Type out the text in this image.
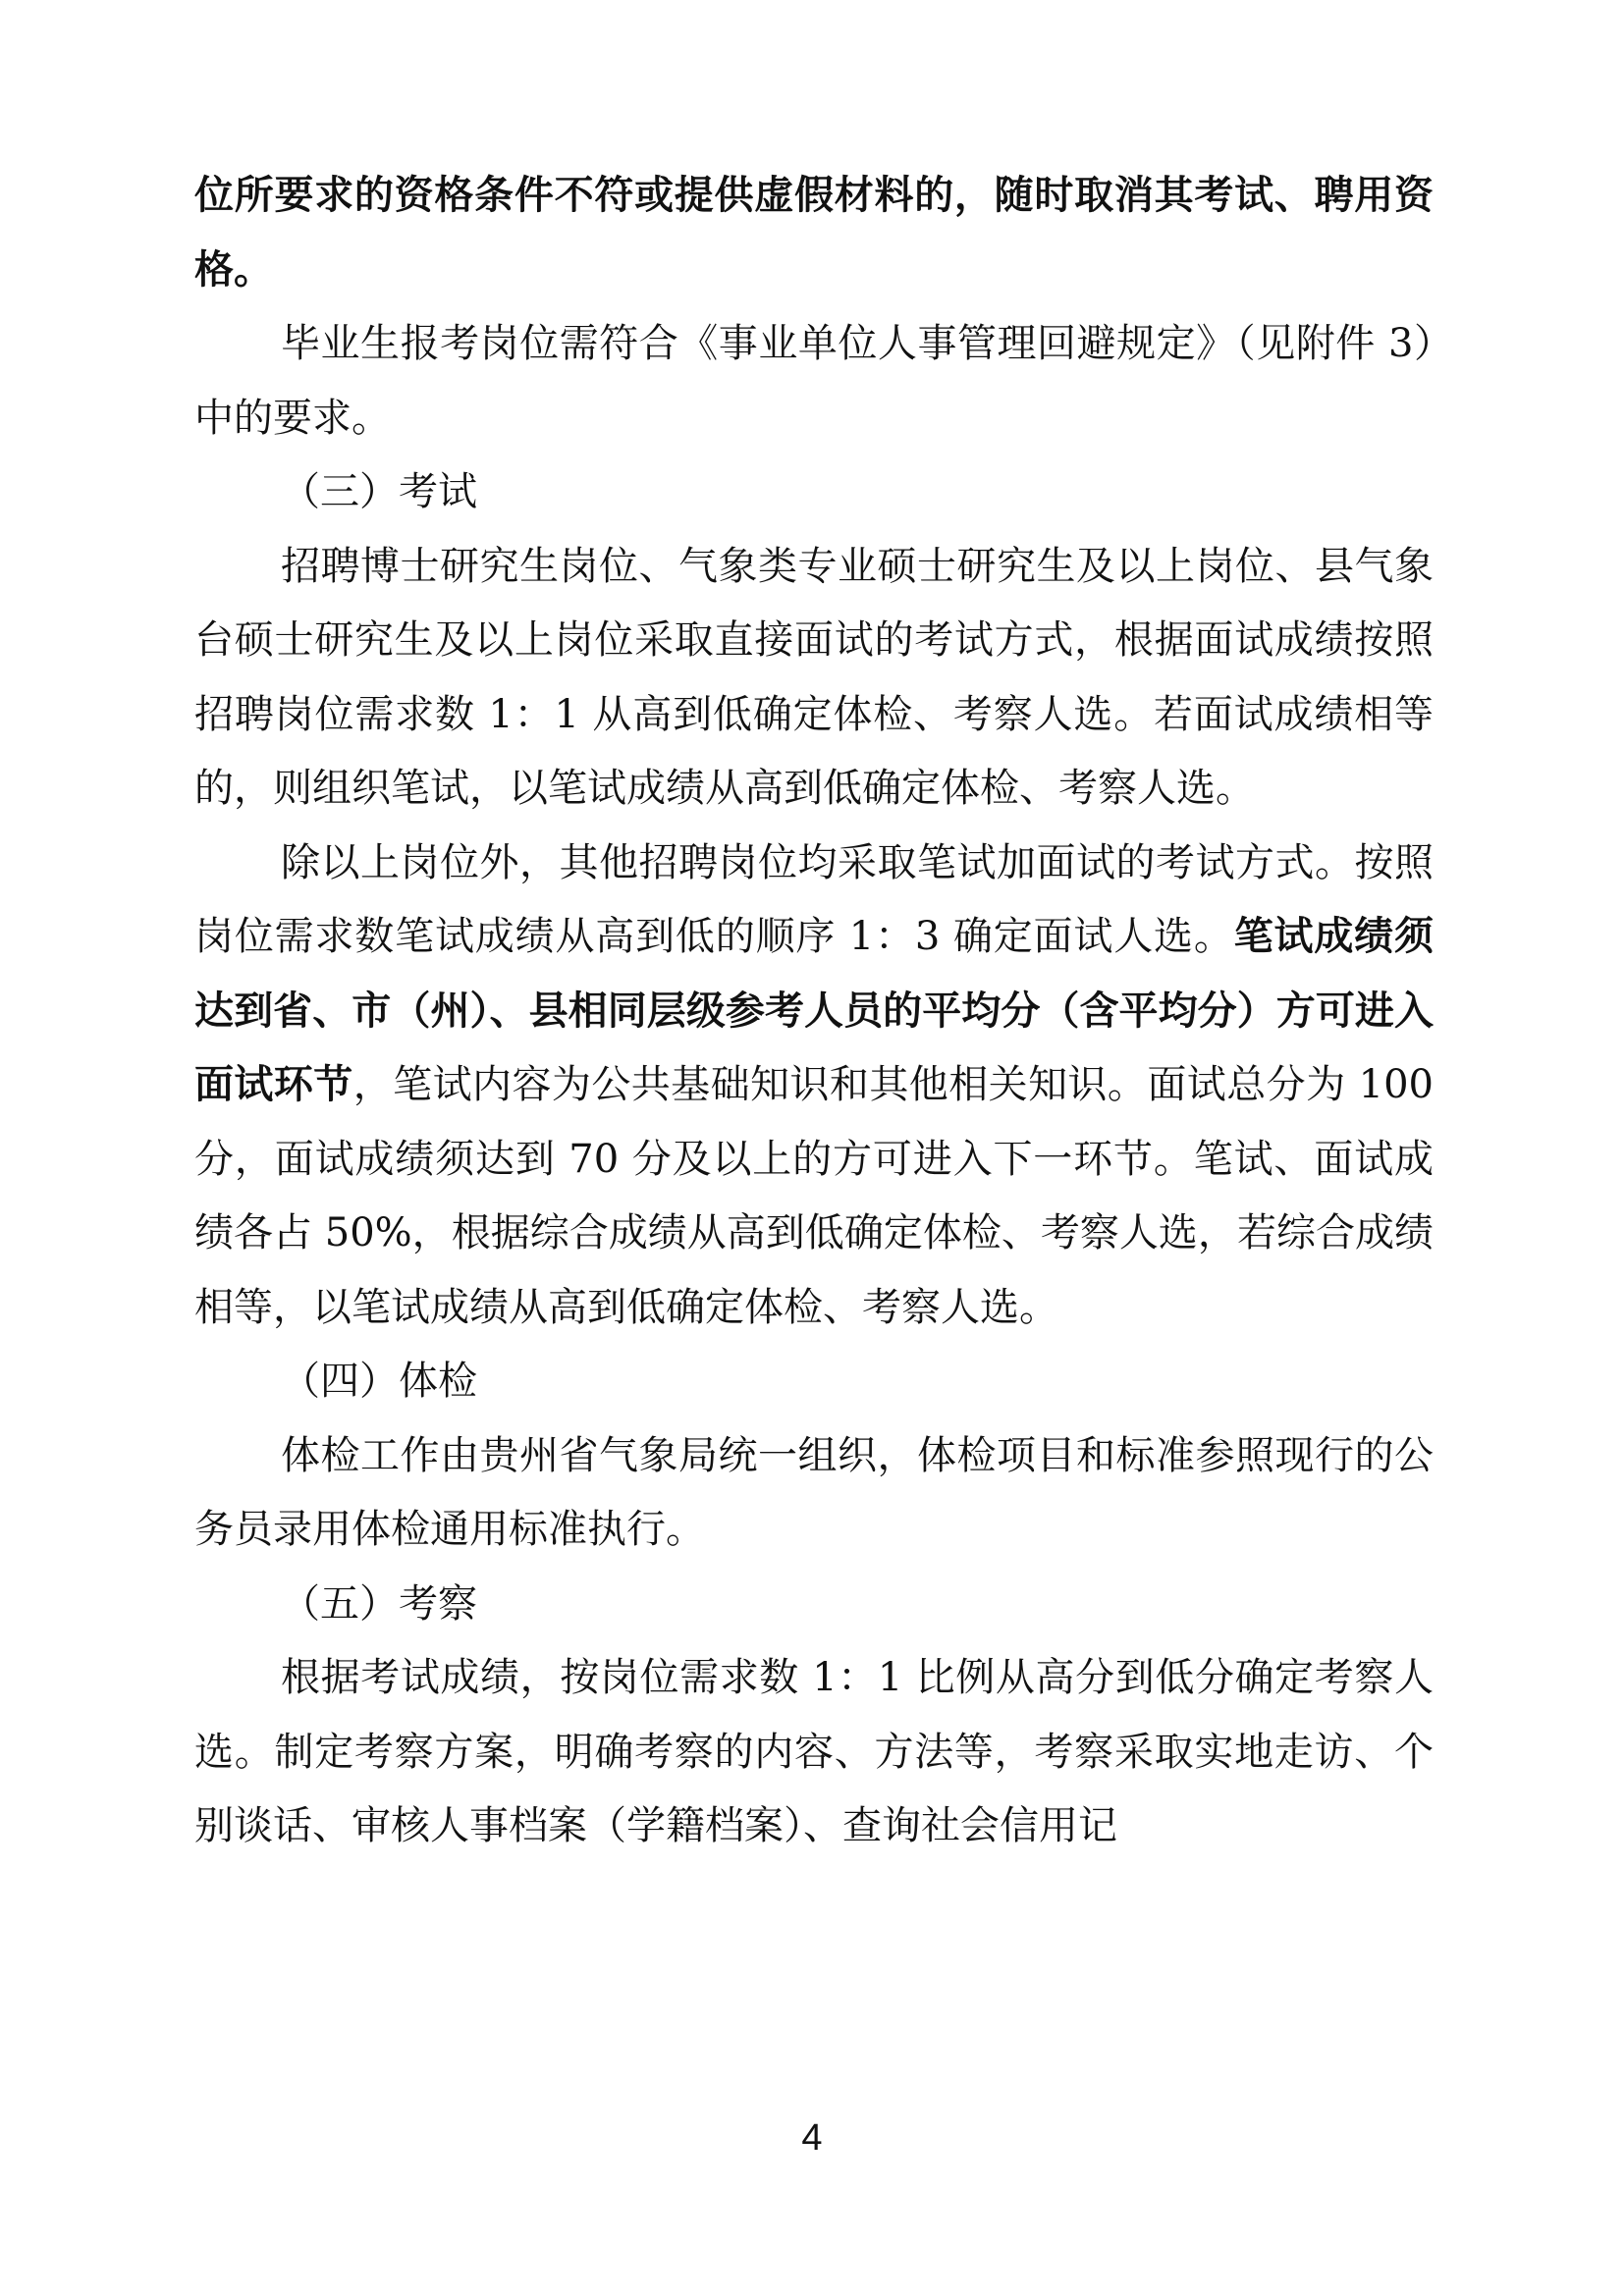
位所要求的资格条件不符或提供虚假材料的，随时取消其考试、聘用资格。

毕业生报考岗位需符合《事业单位人事管理回避规定》（见附件 3）中的要求。

（三）考试

招聘博士研究生岗位、气象类专业硕士研究生及以上岗位、县气象台硕士研究生及以上岗位采取直接面试的考试方式，根据面试成绩按照招聘岗位需求数 1：1 从高到低确定体检、考察人选。若面试成绩相等的，则组织笔试，以笔试成绩从高到低确定体检、考察人选。

除以上岗位外，其他招聘岗位均采取笔试加面试的考试方式。按照岗位需求数笔试成绩从高到低的顺序 1：3 确定面试人选。笔试成绩须达到省、市（州）、县相同层级参考人员的平均分（含平均分）方可进入面试环节，笔试内容为公共基础知识和其他相关知识。面试总分为 100 分，面试成绩须达到 70 分及以上的方可进入下一环节。笔试、面试成绩各占 50%，根据综合成绩从高到低确定体检、考察人选，若综合成绩相等，以笔试成绩从高到低确定体检、考察人选。

（四）体检

体检工作由贵州省气象局统一组织，体检项目和标准参照现行的公务员录用体检通用标准执行。

（五）考察

根据考试成绩，按岗位需求数 1：1 比例从高分到低分确定考察人选。制定考察方案，明确考察的内容、方法等，考察采取实地走访、个别谈话、审核人事档案（学籍档案）、查询社会信用记

4
